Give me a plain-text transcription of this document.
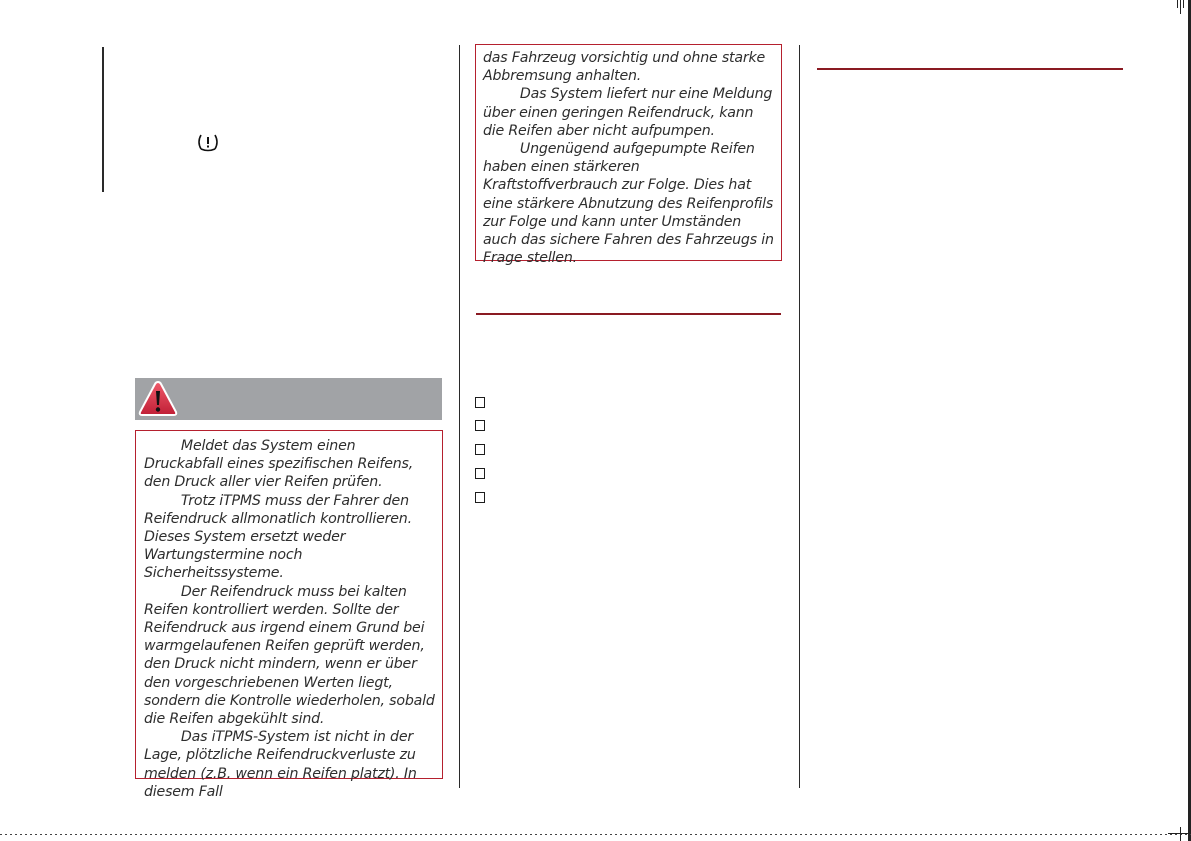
Meldet das System einen Druckabfall eines spezifischen Reifens, den Druck aller vier Reifen prüfen.

Trotz iTPMS muss der Fahrer den Reifendruck allmonatlich kontrollieren. Dieses System ersetzt weder Wartungstermine noch Sicherheitssysteme.

Der Reifendruck muss bei kalten Reifen kontrolliert werden. Sollte der Reifendruck aus irgend einem Grund bei warmgelaufenen Reifen geprüft werden, den Druck nicht mindern, wenn er über den vorgeschriebenen Werten liegt, sondern die Kontrolle wiederholen, sobald die Reifen abgekühlt sind.

Das iTPMS-System ist nicht in der Lage, plötzliche Reifendruckverluste zu melden (z.B. wenn ein Reifen platzt). In diesem Fall

das Fahrzeug vorsichtig und ohne starke Abbremsung anhalten.

Das System liefert nur eine Meldung über einen geringen Reifendruck, kann die Reifen aber nicht aufpumpen.

Ungenügend aufgepumpte Reifen haben einen stärkeren Kraftstoffverbrauch zur Folge. Dies hat eine stärkere Abnutzung des Reifenprofils zur Folge und kann unter Umständen auch das sichere Fahren des Fahrzeugs in Frage stellen.
